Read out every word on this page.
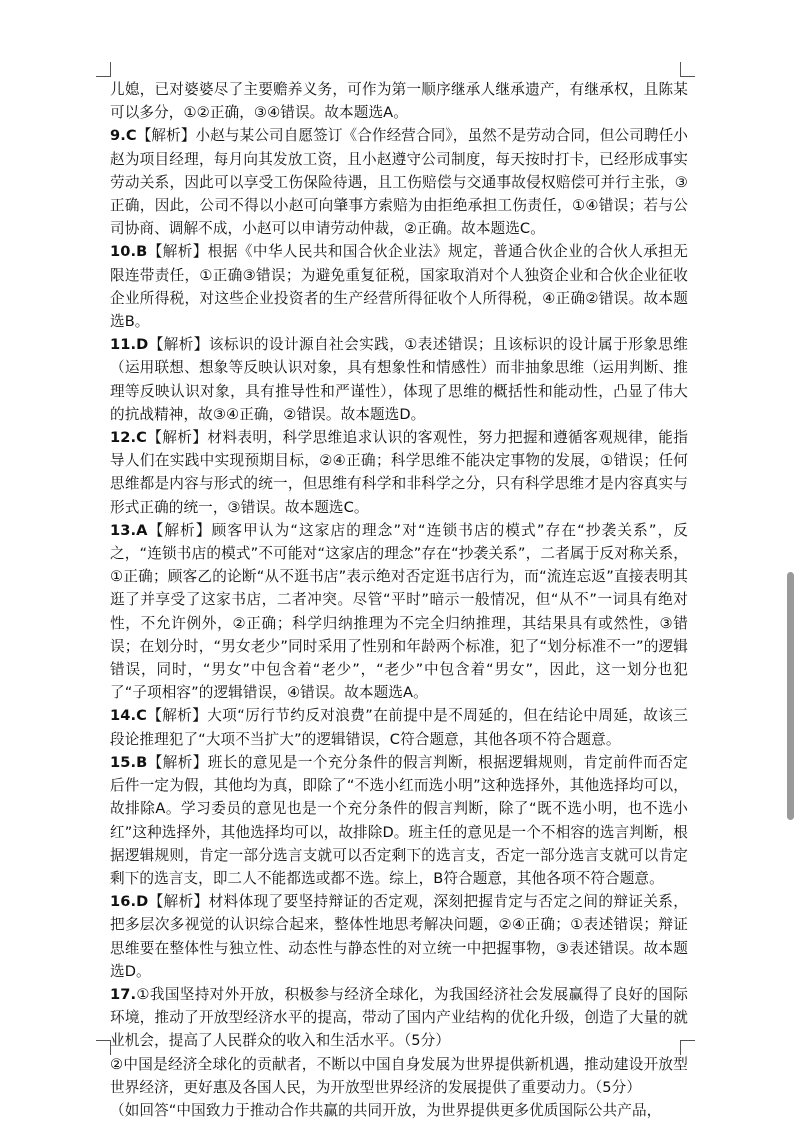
儿媳，已对婆婆尽了主要赡养义务，可作为第一顺序继承人继承遗产，有继承权，且陈某可以多分，①②正确，③④错误。故本题选A。

9.C【解析】小赵与某公司自愿签订《合作经营合同》，虽然不是劳动合同，但公司聘任小赵为项目经理，每月向其发放工资，且小赵遵守公司制度，每天按时打卡，已经形成事实劳动关系，因此可以享受工伤保险待遇，且工伤赔偿与交通事故侵权赔偿可并行主张，③正确，因此，公司不得以小赵可向肇事方索赔为由拒绝承担工伤责任，①④错误；若与公司协商、调解不成，小赵可以申请劳动仲裁，②正确。故本题选C。

10.B【解析】根据《中华人民共和国合伙企业法》规定，普通合伙企业的合伙人承担无限连带责任，①正确③错误；为避免重复征税，国家取消对个人独资企业和合伙企业征收企业所得税，对这些企业投资者的生产经营所得征收个人所得税，④正确②错误。故本题选B。

11.D【解析】该标识的设计源自社会实践，①表述错误；且该标识的设计属于形象思维（运用联想、想象等反映认识对象，具有想象性和情感性）而非抽象思维（运用判断、推理等反映认识对象，具有推导性和严谨性），体现了思维的概括性和能动性，凸显了伟大的抗战精神，故③④正确，②错误。故本题选D。

12.C【解析】材料表明，科学思维追求认识的客观性，努力把握和遵循客观规律，能指导人们在实践中实现预期目标，②④正确；科学思维不能决定事物的发展，①错误；任何思维都是内容与形式的统一，但思维有科学和非科学之分，只有科学思维才是内容真实与形式正确的统一，③错误。故本题选C。

13.A【解析】顾客甲认为“这家店的理念”对“连锁书店的模式”存在“抄袭关系”，反之，“连锁书店的模式”不可能对“这家店的理念”存在“抄袭关系”，二者属于反对称关系，①正确；顾客乙的论断“从不逛书店”表示绝对否定逛书店行为，而“流连忘返”直接表明其逛了并享受了这家书店，二者冲突。尽管“平时”暗示一般情况，但“从不”一词具有绝对性，不允许例外，②正确；科学归纳推理为不完全归纳推理，其结果具有或然性，③错误；在划分时，“男女老少”同时采用了性别和年龄两个标准，犯了“划分标准不一”的逻辑错误，同时，“男女”中包含着“老少”，“老少”中包含着“男女”，因此，这一划分也犯了“子项相容”的逻辑错误，④错误。故本题选A。

14.C【解析】大项“厉行节约反对浪费”在前提中是不周延的，但在结论中周延，故该三段论推理犯了“大项不当扩大”的逻辑错误，C符合题意，其他各项不符合题意。

15.B【解析】班长的意见是一个充分条件的假言判断，根据逻辑规则，肯定前件而否定后件一定为假，其他均为真，即除了“不选小红而选小明”这种选择外，其他选择均可以，故排除A。学习委员的意见也是一个充分条件的假言判断，除了“既不选小明，也不选小红”这种选择外，其他选择均可以，故排除D。班主任的意见是一个不相容的选言判断，根据逻辑规则，肯定一部分选言支就可以否定剩下的选言支，否定一部分选言支就可以肯定剩下的选言支，即二人不能都选或都不选。综上，B符合题意，其他各项不符合题意。

16.D【解析】材料体现了要坚持辩证的否定观，深刻把握肯定与否定之间的辩证关系，把多层次多视觉的认识综合起来，整体性地思考解决问题，②④正确；①表述错误；辩证思维要在整体性与独立性、动态性与静态性的对立统一中把握事物，③表述错误。故本题选D。

17.①我国坚持对外开放，积极参与经济全球化，为我国经济社会发展赢得了良好的国际环境，推动了开放型经济水平的提高，带动了国内产业结构的优化升级，创造了大量的就业机会，提高了人民群众的收入和生活水平。（5分）

②中国是经济全球化的贡献者，不断以中国自身发展为世界提供新机遇，推动建设开放型世界经济，更好惠及各国人民，为开放型世界经济的发展提供了重要动力。（5分）

（如回答“中国致力于推动合作共赢的共同开放，为世界提供更多优质国际公共产品，
